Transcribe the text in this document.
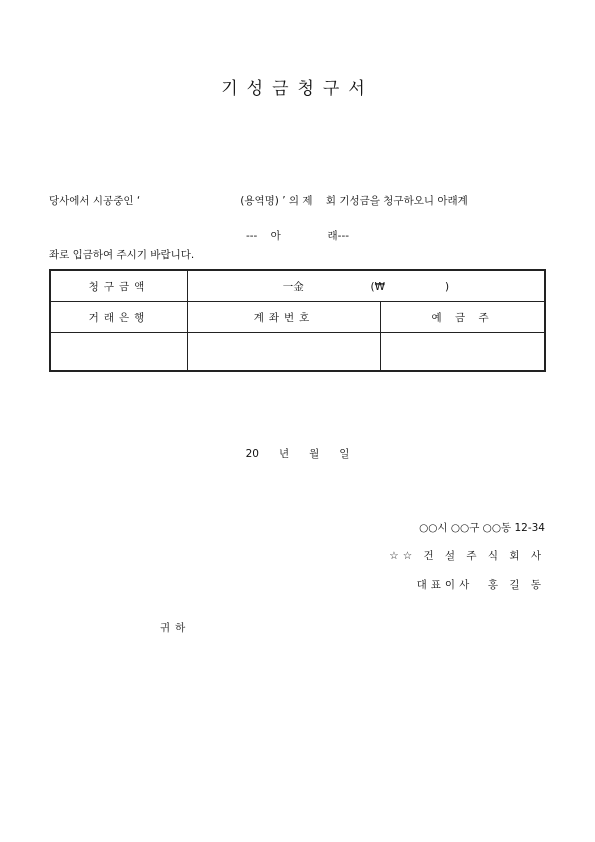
기성금청구서

당사에서 시공중인 ‘                              (용역명) ’ 의 제    회 기성금을 청구하오니 아래계

좌로 입금하여 주시기 바랍니다.

---    아              래---
청구금액	一金                    (₩                  )	
거래은행	계좌번호	예 금 주

20      년      월      일
○○시 ○○구 ○○동 12-34
☆☆ 건 설 주 식 회 사
대표이사  홍 길 동
귀하
